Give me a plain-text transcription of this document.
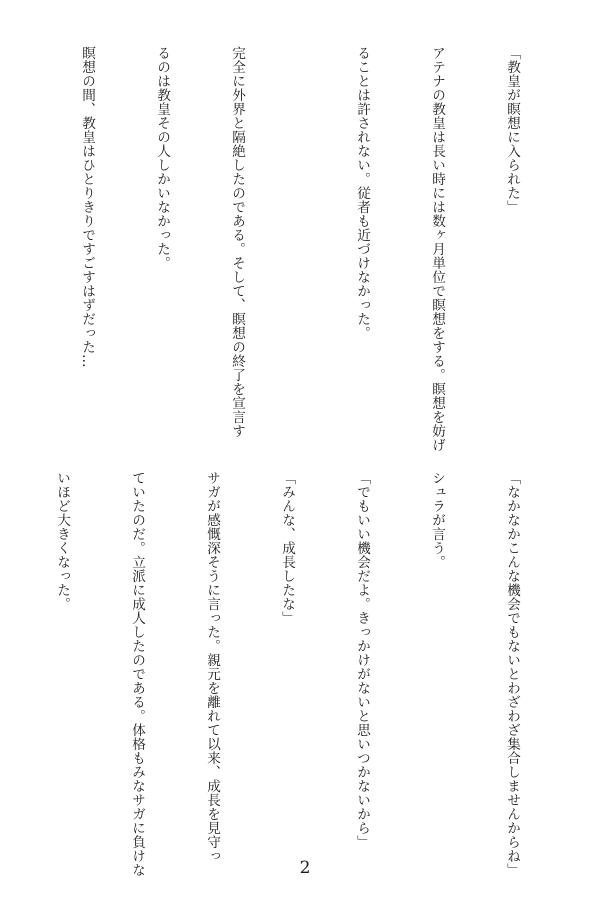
「教皇が瞑想に入られた」

アテナの教皇は長い時には数ヶ月単位で瞑想をする。瞑想を妨げ

ることは許されない。従者も近づけなかった。

完全に外界と隔絶したのである。そして、瞑想の終了を宣言す

るのは教皇その人しかいなかった。

瞑想の間、教皇はひとりきりですごすはずだった…

「なかなかこんな機会でもないとわざわざ集合しませんからね」

シュラが言う。

「でもいい機会だよ。きっかけがないと思いつかないから」

「みんな、成長したな」

サガが感慨深そうに言った。親元を離れて以来、成長を見守っ

ていたのだ。立派に成人したのである。体格もみなサガに負けな

いほど大きくなった。

2
